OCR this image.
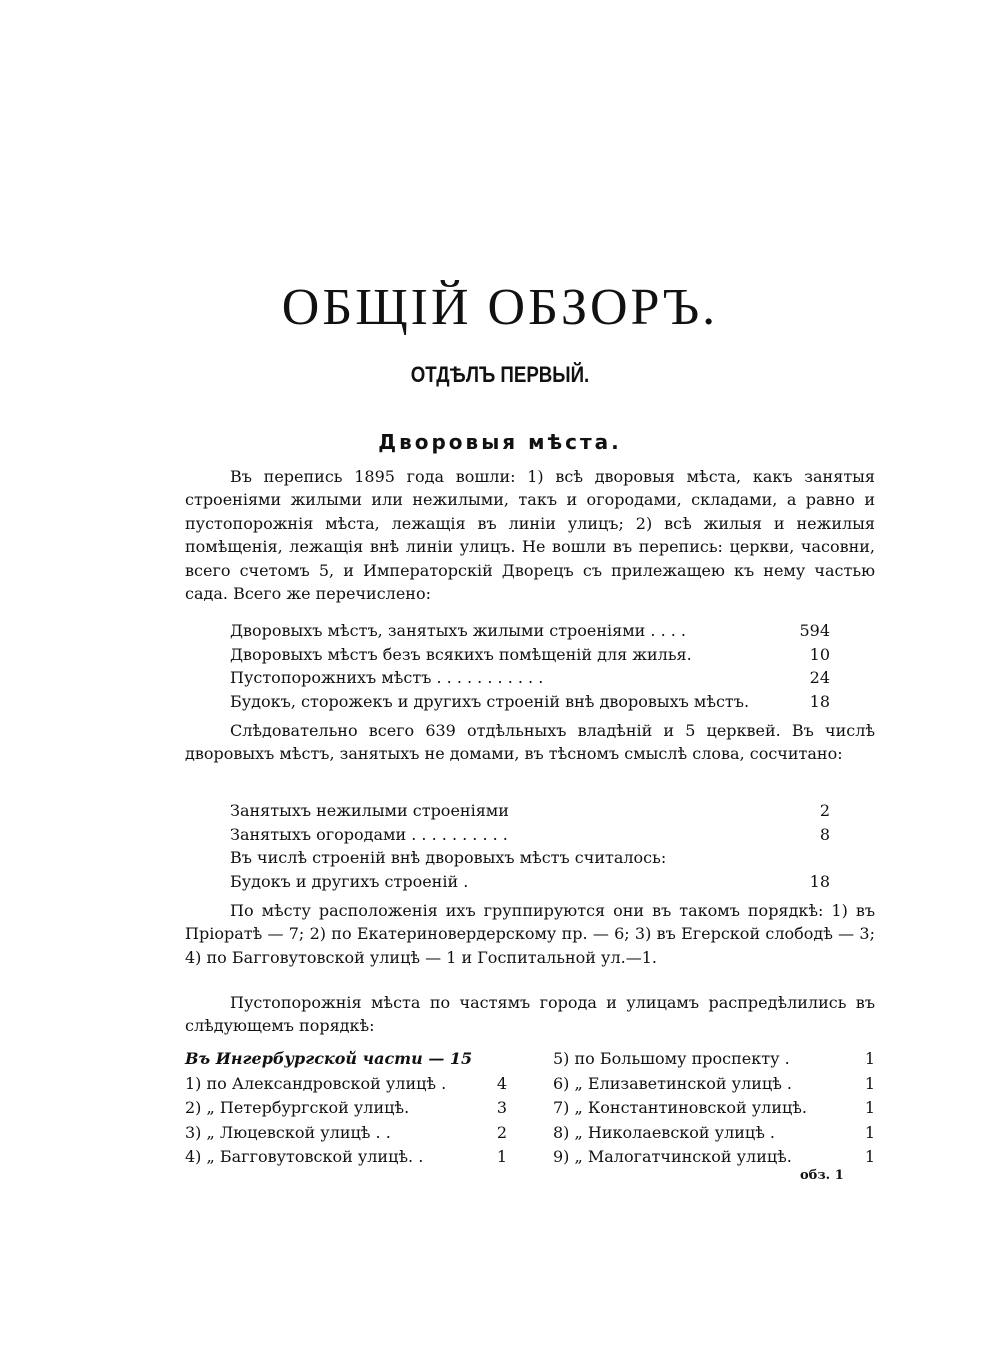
ОБЩІЙ ОБЗОРЪ.
ОТДѢЛЪ ПЕРВЫЙ.
Дворовыя мѣста.
Въ перепись 1895 года вошли: 1) всѣ дворовыя мѣста, какъ занятыя строеніями жилыми или нежилыми, такъ и огородами, складами, а равно и пустопорожнія мѣста, лежащія въ линіи улицъ; 2) всѣ жилыя и нежилыя помѣщенія, лежащія внѣ линіи улицъ. Не вошли въ перепись: церкви, часовни, всего счетомъ 5, и Императорскій Дворецъ съ прилежащею къ нему частью сада. Всего же перечислено:
Дворовыхъ мѣстъ, занятыхъ жилыми строеніями . . . .	594
Дворовыхъ мѣстъ безъ всякихъ помѣщеній для жилья.	10
Пустопорожнихъ мѣстъ . . . . . . . . . . .	24
Будокъ, сторожекъ и другихъ строеній внѣ дворовыхъ мѣстъ.	18
Слѣдовательно всего 639 отдѣльныхъ владѣній и 5 церквей. Въ числѣ дворовыхъ мѣстъ, занятыхъ не домами, въ тѣсномъ смыслѣ слова, сосчитано:
Занятыхъ нежилыми строеніями	2
Занятыхъ огородами . . . . . . . . . .	8
Въ числѣ строеній внѣ дворовыхъ мѣстъ считалось:
Будокъ и другихъ строеній .	18
По мѣсту расположенія ихъ группируются они въ такомъ порядкѣ: 1) въ Пріоратѣ — 7; 2) по Екатериновердерскому пр. — 6; 3) въ Егерской слободѣ — 3; 4) по Багговутовской улицѣ — 1 и Госпитальной ул.—1.
Пустопорожнія мѣста по частямъ города и улицамъ распредѣлились въ слѣдующемъ порядкѣ:
Въ Ингербургской части — 15
1) по Александровской улицѣ .	4
2) „ Петербургской улицѣ.	3
3) „ Люцевской улицѣ . .	2
4) „ Багговутовской улицѣ. .	1
5) по Большому проспекту .	1
6) „ Елизаветинской улицѣ .	1
7) „ Константиновской улицѣ.	1
8) „ Николаевской улицѣ .	1
9) „ Малогатчинской улицѣ.	1
обз. 1
